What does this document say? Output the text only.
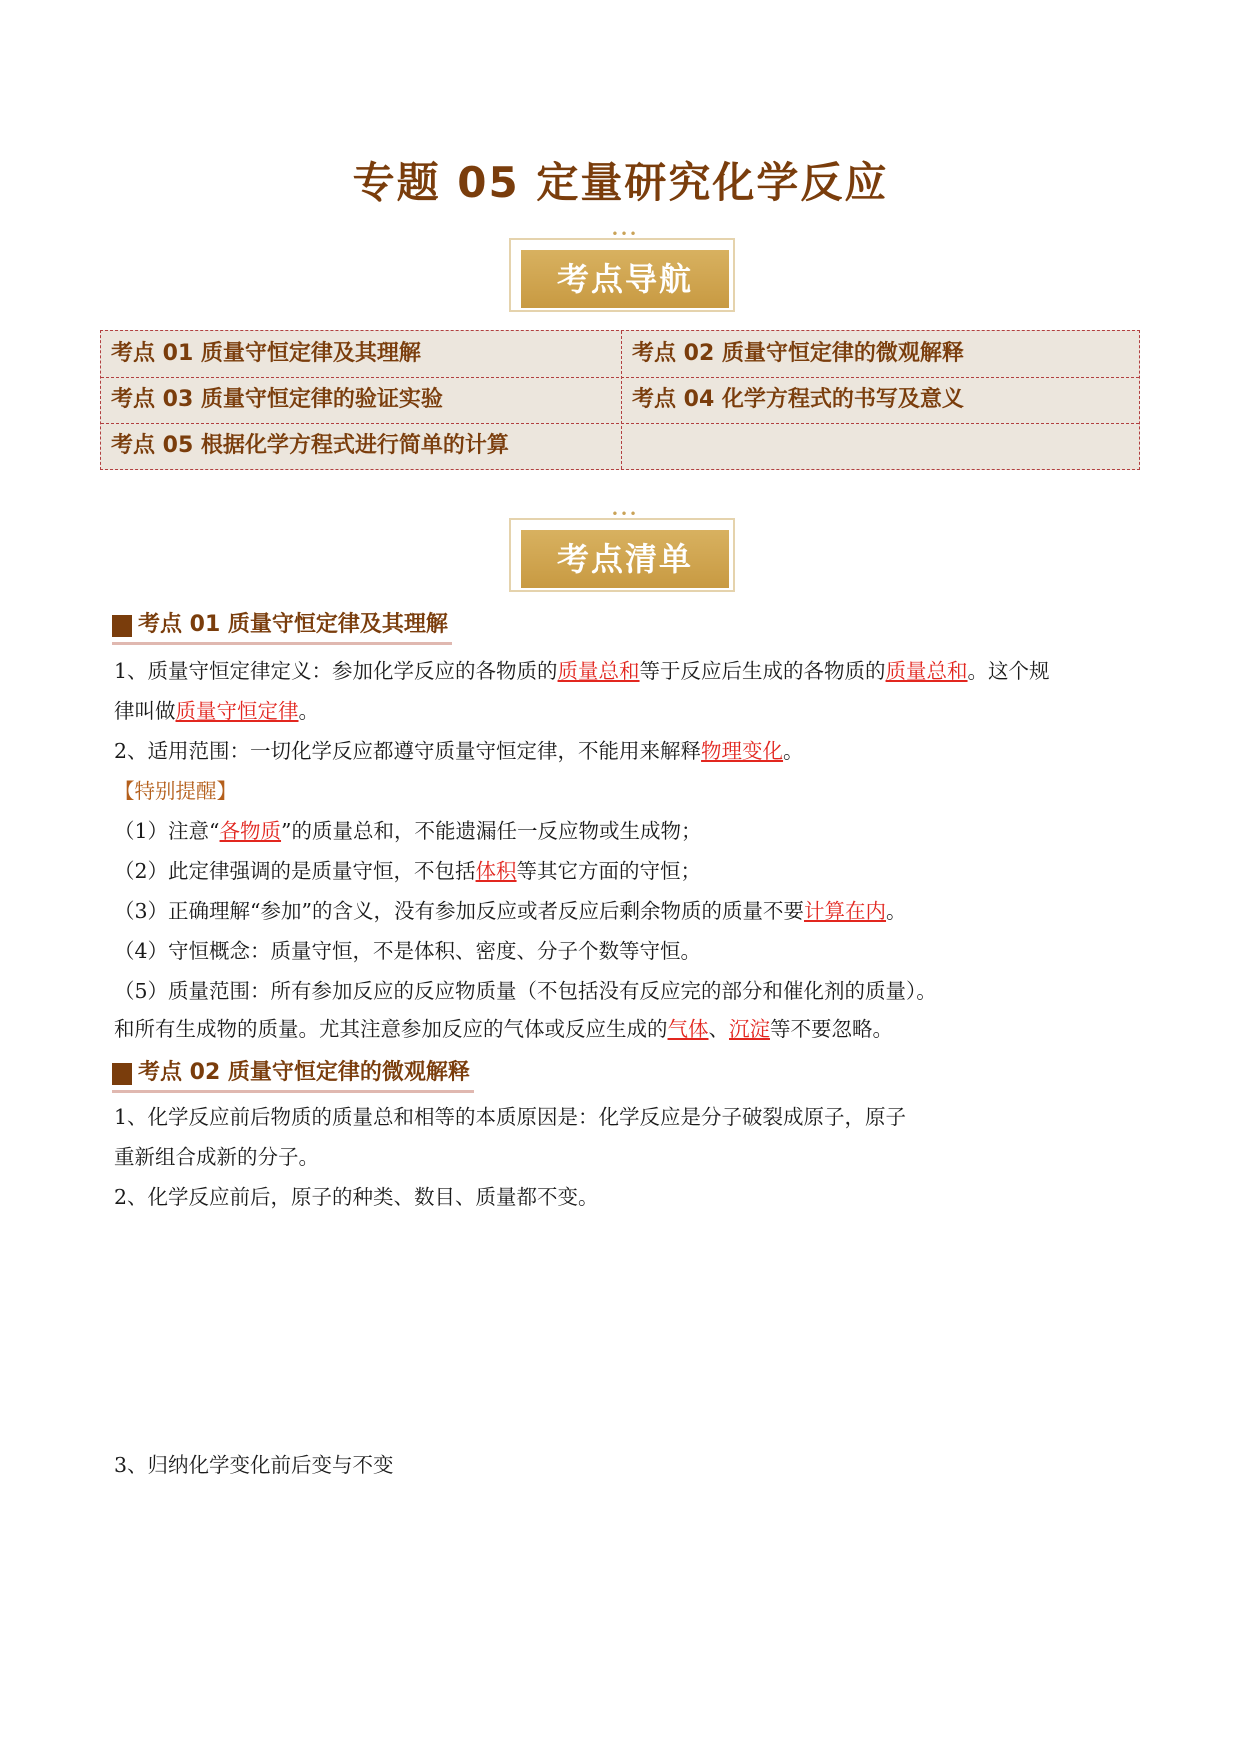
专题 05 定量研究化学反应
•••
考点导航
考点 01 质量守恒定律及其理解	考点 02 质量守恒定律的微观解释
考点 03 质量守恒定律的验证实验	考点 04 化学方程式的书写及意义
考点 05 根据化学方程式进行简单的计算
•••
考点清单
考点 01 质量守恒定律及其理解
1、质量守恒定律定义：参加化学反应的各物质的质量总和等于反应后生成的各物质的质量总和。这个规
律叫做质量守恒定律。
2、适用范围：一切化学反应都遵守质量守恒定律，不能用来解释物理变化。
【特别提醒】
（1）注意“各物质”的质量总和，不能遗漏任一反应物或生成物；
（2）此定律强调的是质量守恒，不包括体积等其它方面的守恒；
（3）正确理解“参加”的含义，没有参加反应或者反应后剩余物质的质量不要计算在内。
（4）守恒概念：质量守恒，不是体积、密度、分子个数等守恒。
（5）质量范围：所有参加反应的反应物质量（不包括没有反应完的部分和催化剂的质量）。
和所有生成物的质量。尤其注意参加反应的气体或反应生成的气体、沉淀等不要忽略。
考点 02 质量守恒定律的微观解释
1、化学反应前后物质的质量总和相等的本质原因是：化学反应是分子破裂成原子，原子
重新组合成新的分子。
2、化学反应前后，原子的种类、数目、质量都不变。
3、归纳化学变化前后变与不变
